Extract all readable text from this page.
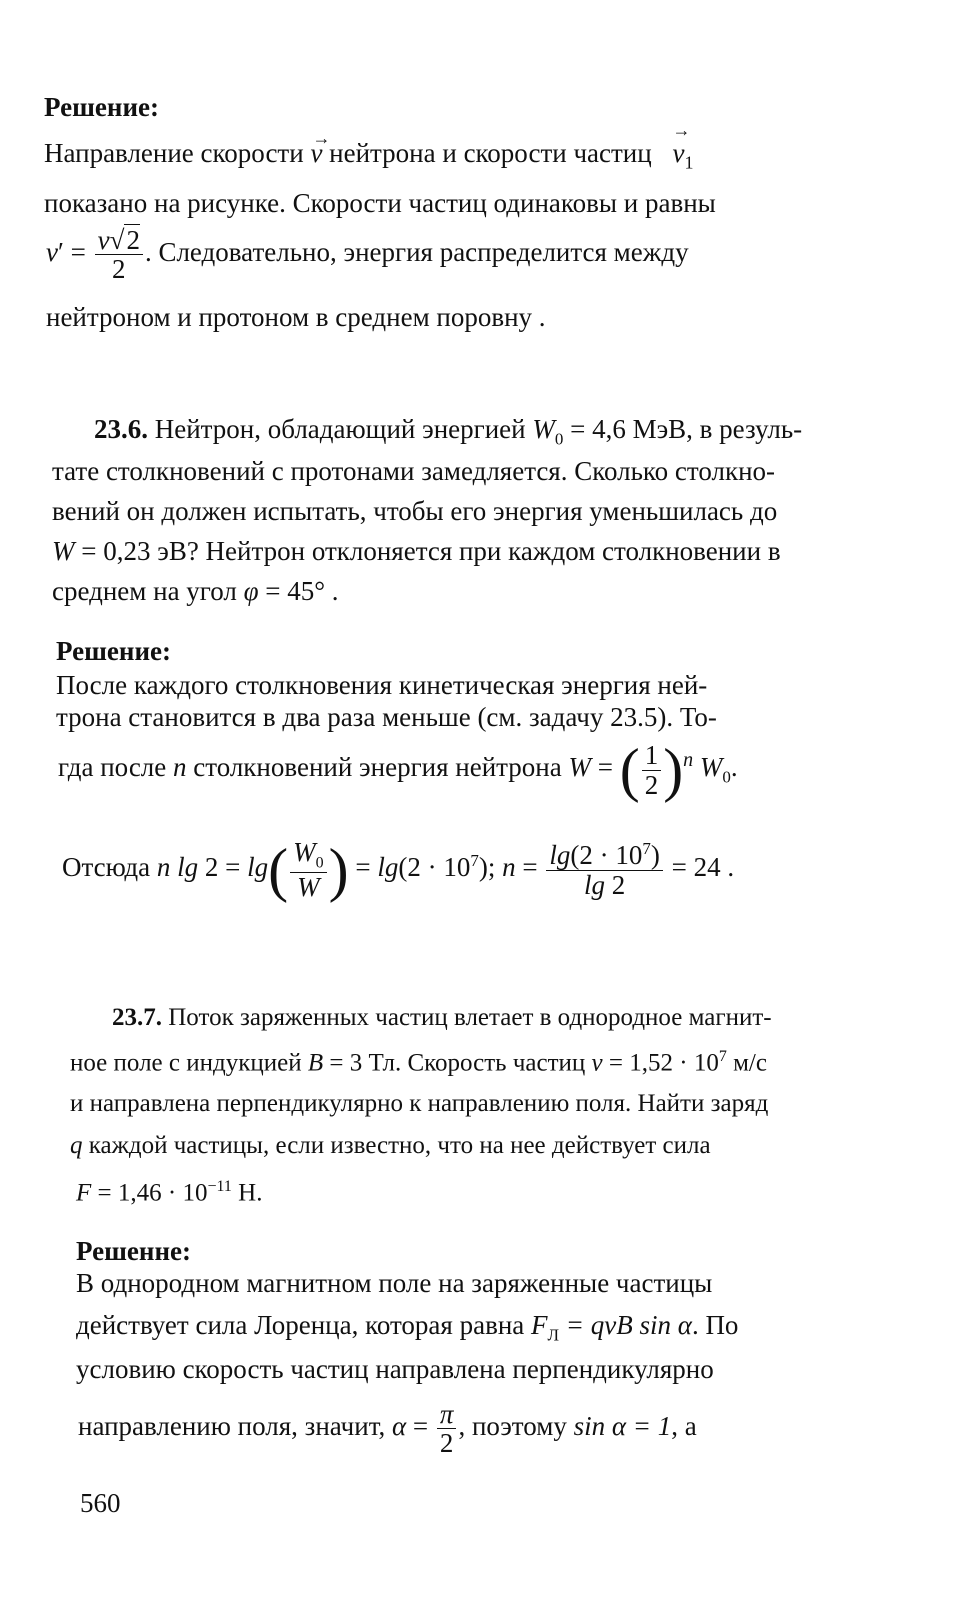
Решение:
Направление скорости v
→
нейтрона и скорости частиц $v_1$
→
показано на рисунке. Скорости частиц одинаковы и равны
$v' = \frac{v√2}{2}$ . Следовательно, энергия распределится между
нейтроном и протоном в среднем поровну .
23.6. Нейтрон, обладающий энергией $W_0 = 4,6$ МэВ, в резуль-
тате столкновений с протонами замедляется. Сколько столкно-
вений он должен испытать, чтобы его энергия уменьшилась до
W = 0,23 эВ? Нейтрон отклоняется при каждом столкновении в
среднем на угол φ = 45° .
Решение:
После каждого столкновения кинетическая энергия ней-
трона становится в два раза меньше (см. задачу 23.5). То-
гда после n столкновений энергия нейтрона W = ( $\frac{1}{2} )^n$ $W_0$.
Отсюда n $\lg 2 = \lg( \frac{W_0}{W}$ ) = $\lg(2 \cdot 10^7)$; $n = \frac{\lg(2 \cdot 10^7)}{\lg 2} = 24$ .
23.7. Поток заряженных частиц влетает в однородное магнит-
ное поле с индукцией B = 3 Тл. Скорость частиц $v = 1,52 \cdot 10^7$ м/с
и направлена перпендикулярно к направлению поля. Найти заряд
q каждой частицы, если известно, что на нее действует сила
$F = 1,46 \cdot 10^{-11}$ Н.
Решенне:
В однородном магнитном поле на заряженные частицы
действует сила Лоренца, которая равна $F_Л$ = qvB sin α. По
условию скорость частиц направлена перпендикулярно
направлению поля, значит, $\alpha = \frac{\pi}{2}$ , поэтому sin α = 1, а
560
